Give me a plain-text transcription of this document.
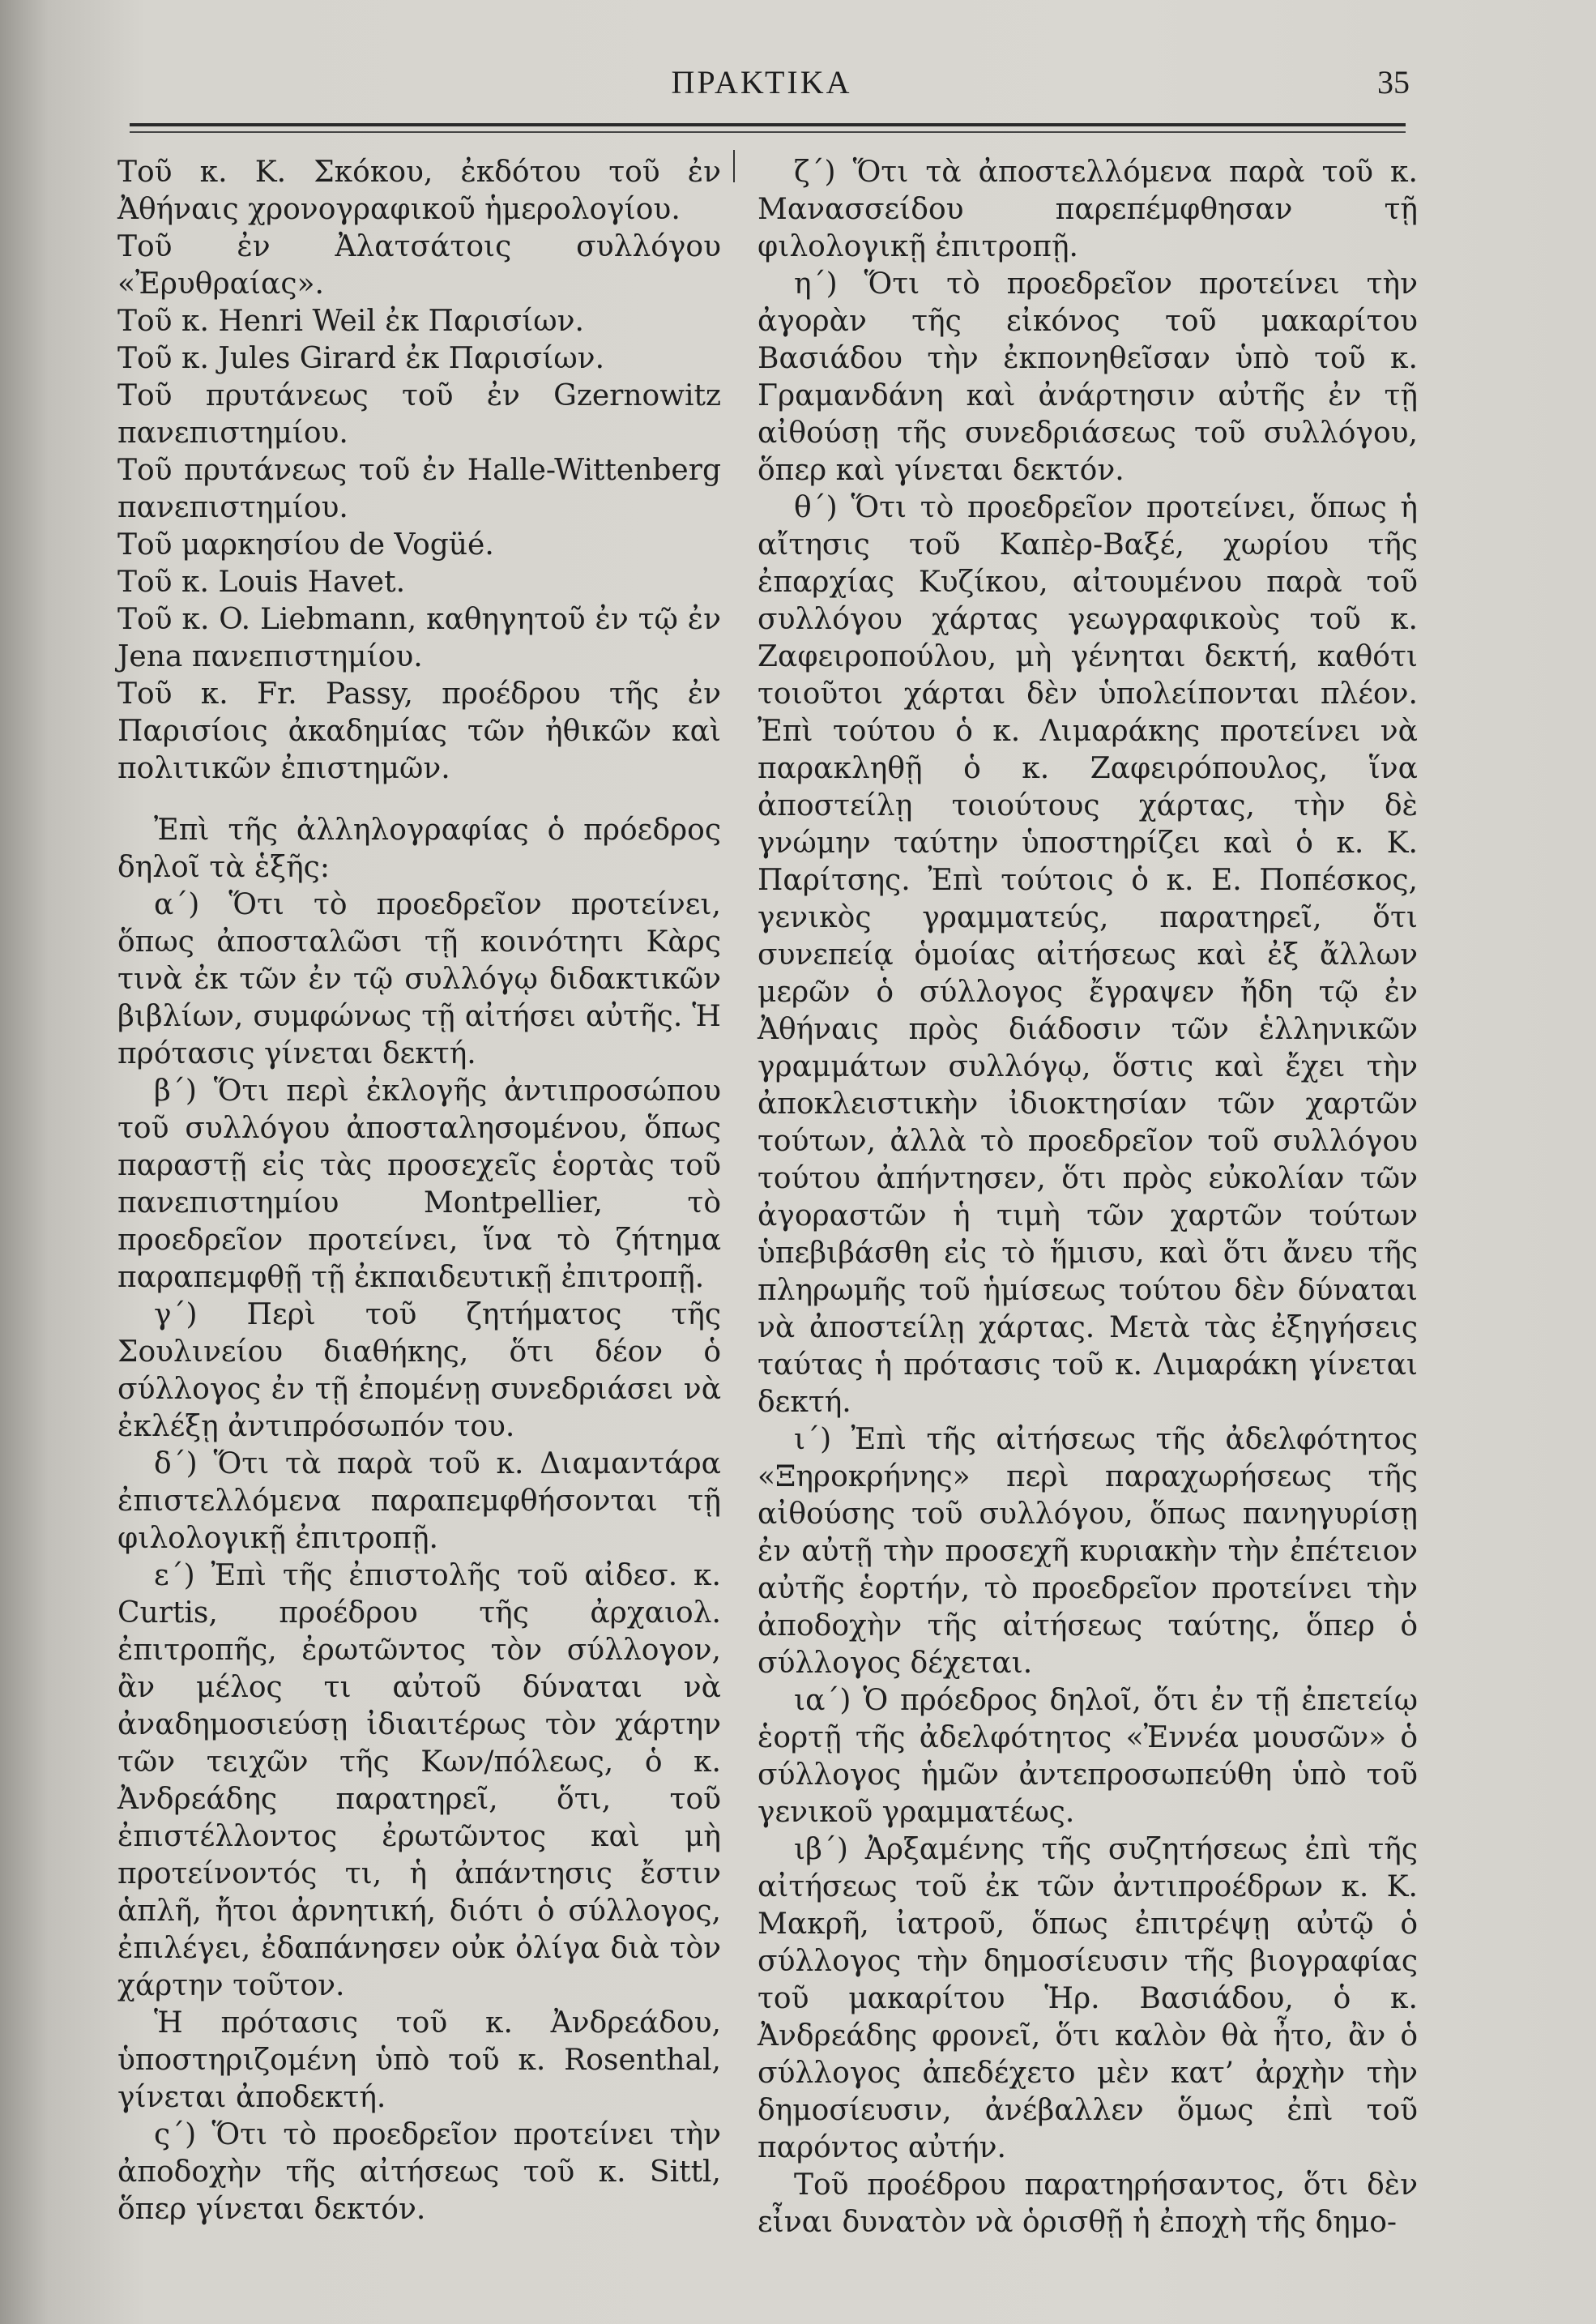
ΠΡΑΚΤΙΚΑ	35

Τοῦ κ. Κ. Σκόκου, ἐκδότου τοῦ ἐν Ἀθήναις χρονογραφικοῦ ἡμερολογίου.

Τοῦ ἐν Ἀλατσάτοις συλλόγου «Ἐρυθραίας».

Τοῦ κ. Henri Weil ἐκ Παρισίων.

Τοῦ κ. Jules Girard ἐκ Παρισίων.

Τοῦ πρυτάνεως τοῦ ἐν Gzernowitz πανεπιστημίου.

Τοῦ πρυτάνεως τοῦ ἐν Halle-Wittenberg πανεπιστημίου.

Τοῦ μαρκησίου de Vogüé.

Τοῦ κ. Louis Havet.

Τοῦ κ. O. Liebmann, καθηγητοῦ ἐν τῷ ἐν Jena πανεπιστημίου.

Τοῦ κ. Fr. Passy, προέδρου τῆς ἐν Παρισίοις ἀκαδημίας τῶν ἠθικῶν καὶ πολιτικῶν ἐπιστημῶν.

Ἐπὶ τῆς ἀλληλογραφίας ὁ πρόεδρος δηλοῖ τὰ ἑξῆς:

α΄) Ὅτι τὸ προεδρεῖον προτείνει, ὅπως ἀποσταλῶσι τῇ κοινότητι Κὰρς τινὰ ἐκ τῶν ἐν τῷ συλλόγῳ διδακτικῶν βιβλίων, συμφώνως τῇ αἰτήσει αὐτῆς. Ἡ πρότασις γίνεται δεκτή.

β΄) Ὅτι περὶ ἐκλογῆς ἀντιπροσώπου τοῦ συλλόγου ἀποσταλησομένου, ὅπως παραστῇ εἰς τὰς προσεχεῖς ἑορτὰς τοῦ πανεπιστημίου Montpellier, τὸ προεδρεῖον προτείνει, ἵνα τὸ ζήτημα παραπεμφθῇ τῇ ἐκπαιδευτικῇ ἐπιτροπῇ.

γ΄) Περὶ τοῦ ζητήματος τῆς Σουλινείου διαθήκης, ὅτι δέον ὁ σύλλογος ἐν τῇ ἐπομένῃ συνεδριάσει νὰ ἐκλέξῃ ἀντιπρόσωπόν του.

δ΄) Ὅτι τὰ παρὰ τοῦ κ. Διαμαντάρα ἐπιστελλόμενα παραπεμφθήσονται τῇ φιλολογικῇ ἐπιτροπῇ.

ε΄) Ἐπὶ τῆς ἐπιστολῆς τοῦ αἰδεσ. κ. Curtis, προέδρου τῆς ἀρχαιολ. ἐπιτροπῆς, ἐρωτῶντος τὸν σύλλογον, ἂν μέλος τι αὐτοῦ δύναται νὰ ἀναδημοσιεύσῃ ἰδιαιτέρως τὸν χάρτην τῶν τειχῶν τῆς Κων/πόλεως, ὁ κ. Ἀνδρεάδης παρατηρεῖ, ὅτι, τοῦ ἐπιστέλλοντος ἐρωτῶντος καὶ μὴ προτείνοντός τι, ἡ ἀπάντησις ἔστιν ἁπλῆ, ἤτοι ἀρνητική, διότι ὁ σύλλογος, ἐπιλέγει, ἐδαπάνησεν οὐκ ὀλίγα διὰ τὸν χάρτην τοῦτον.

Ἡ πρότασις τοῦ κ. Ἀνδρεάδου, ὑποστηριζομένη ὑπὸ τοῦ κ. Rosenthal, γίνεται ἀποδεκτή.

ς΄) Ὅτι τὸ προεδρεῖον προτείνει τὴν ἀποδοχὴν τῆς αἰτήσεως τοῦ κ. Sittl, ὅπερ γίνεται δεκτόν.

ζ΄) Ὅτι τὰ ἀποστελλόμενα παρὰ τοῦ κ. Μανασσείδου παρεπέμφθησαν τῇ φιλολογικῇ ἐπιτροπῇ.

η΄) Ὅτι τὸ προεδρεῖον προτείνει τὴν ἀγορὰν τῆς εἰκόνος τοῦ μακαρίτου Βασιάδου τὴν ἐκπονηθεῖσαν ὑπὸ τοῦ κ. Γραμανδάνη καὶ ἀνάρτησιν αὐτῆς ἐν τῇ αἰθούσῃ τῆς συνεδριάσεως τοῦ συλλόγου, ὅπερ καὶ γίνεται δεκτόν.

θ΄) Ὅτι τὸ προεδρεῖον προτείνει, ὅπως ἡ αἴτησις τοῦ Καπὲρ-Βαξέ, χωρίου τῆς ἐπαρχίας Κυζίκου, αἰτουμένου παρὰ τοῦ συλλόγου χάρτας γεωγραφικοὺς τοῦ κ. Ζαφειροπούλου, μὴ γένηται δεκτή, καθότι τοιοῦτοι χάρται δὲν ὑπολείπονται πλέον. Ἐπὶ τούτου ὁ κ. Λιμαράκης προτείνει νὰ παρακληθῇ ὁ κ. Ζαφειρόπουλος, ἵνα ἀποστείλῃ τοιούτους χάρτας, τὴν δὲ γνώμην ταύτην ὑποστηρίζει καὶ ὁ κ. Κ. Παρίτσης. Ἐπὶ τούτοις ὁ κ. Ε. Ποπέσκος, γενικὸς γραμματεύς, παρατηρεῖ, ὅτι συνεπείᾳ ὁμοίας αἰτήσεως καὶ ἐξ ἄλλων μερῶν ὁ σύλλογος ἔγραψεν ἤδη τῷ ἐν Ἀθήναις πρὸς διάδοσιν τῶν ἑλληνικῶν γραμμάτων συλλόγῳ, ὅστις καὶ ἔχει τὴν ἀποκλειστικὴν ἰδιοκτησίαν τῶν χαρτῶν τούτων, ἀλλὰ τὸ προεδρεῖον τοῦ συλλόγου τούτου ἀπήντησεν, ὅτι πρὸς εὐκολίαν τῶν ἀγοραστῶν ἡ τιμὴ τῶν χαρτῶν τούτων ὑπεβιβάσθη εἰς τὸ ἥμισυ, καὶ ὅτι ἄνευ τῆς πληρωμῆς τοῦ ἡμίσεως τούτου δὲν δύναται νὰ ἀποστείλῃ χάρτας. Μετὰ τὰς ἐξηγήσεις ταύτας ἡ πρότασις τοῦ κ. Λιμαράκη γίνεται δεκτή.

ι΄) Ἐπὶ τῆς αἰτήσεως τῆς ἀδελφότητος «Ξηροκρήνης» περὶ παραχωρήσεως τῆς αἰθούσης τοῦ συλλόγου, ὅπως πανηγυρίσῃ ἐν αὐτῇ τὴν προσεχῆ κυριακὴν τὴν ἐπέτειον αὐτῆς ἑορτήν, τὸ προεδρεῖον προτείνει τὴν ἀποδοχὴν τῆς αἰτήσεως ταύτης, ὅπερ ὁ σύλλογος δέχεται.

ια΄) Ὁ πρόεδρος δηλοῖ, ὅτι ἐν τῇ ἐπετείῳ ἑορτῇ τῆς ἀδελφότητος «Ἐννέα μουσῶν» ὁ σύλλογος ἡμῶν ἀντεπροσωπεύθη ὑπὸ τοῦ γενικοῦ γραμματέως.

ιβ΄) Ἀρξαμένης τῆς συζητήσεως ἐπὶ τῆς αἰτήσεως τοῦ ἐκ τῶν ἀντιπροέδρων κ. Κ. Μακρῆ, ἰατροῦ, ὅπως ἐπιτρέψῃ αὐτῷ ὁ σύλλογος τὴν δημοσίευσιν τῆς βιογραφίας τοῦ μακαρίτου Ἡρ. Βασιάδου, ὁ κ. Ἀνδρεάδης φρονεῖ, ὅτι καλὸν θὰ ἦτο, ἂν ὁ σύλλογος ἀπεδέχετο μὲν κατ’ ἀρχὴν τὴν δημοσίευσιν, ἀνέβαλλεν ὅμως ἐπὶ τοῦ παρόντος αὐτήν.

Τοῦ προέδρου παρατηρήσαντος, ὅτι δὲν εἶναι δυνατὸν νὰ ὁρισθῇ ἡ ἐποχὴ τῆς δημο-
